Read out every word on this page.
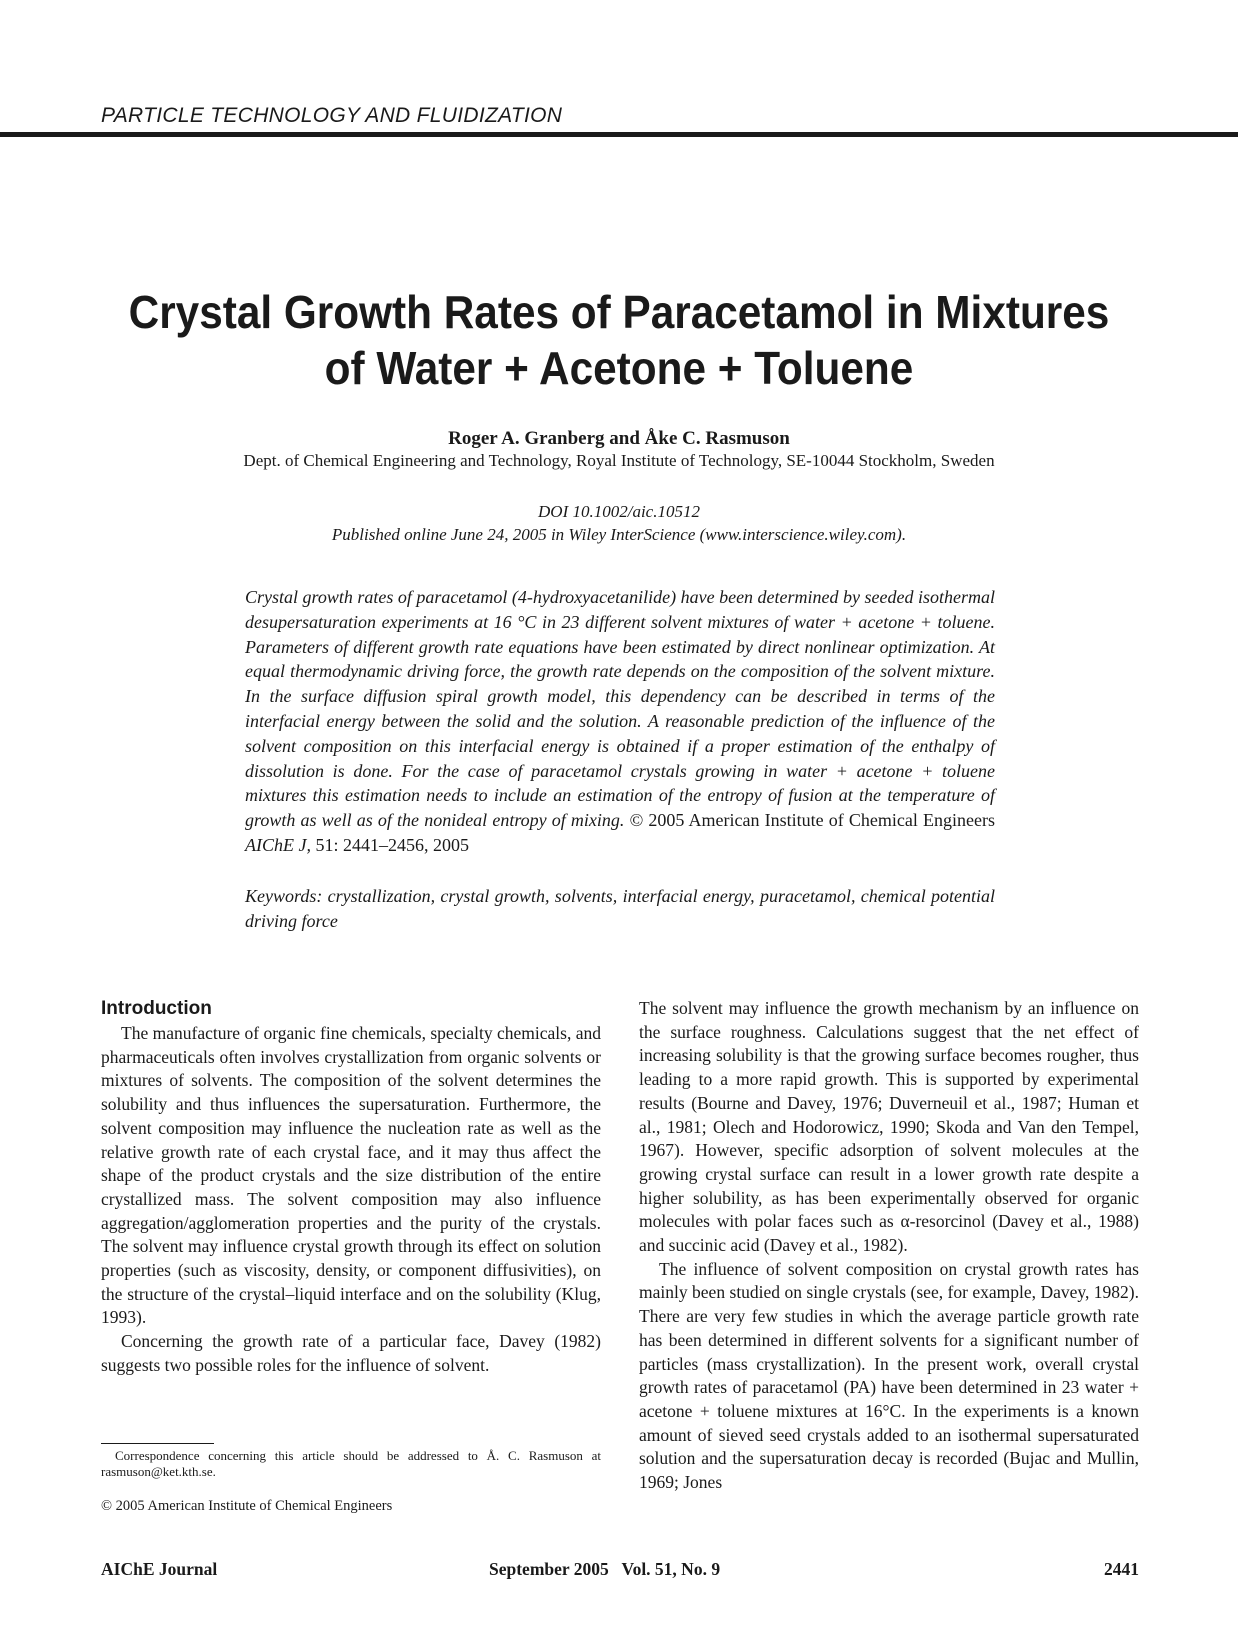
PARTICLE TECHNOLOGY AND FLUIDIZATION
Crystal Growth Rates of Paracetamol in Mixtures
of Water + Acetone + Toluene
Roger A. Granberg and Åke C. Rasmuson
Dept. of Chemical Engineering and Technology, Royal Institute of Technology, SE-10044 Stockholm, Sweden
DOI 10.1002/aic.10512
Published online June 24, 2005 in Wiley InterScience (www.interscience.wiley.com).
Crystal growth rates of paracetamol (4-hydroxyacetanilide) have been determined by seeded isothermal desupersaturation experiments at 16 °C in 23 different solvent mixtures of water + acetone + toluene. Parameters of different growth rate equations have been estimated by direct nonlinear optimization. At equal thermodynamic driving force, the growth rate depends on the composition of the solvent mixture. In the surface diffusion spiral growth model, this dependency can be described in terms of the interfacial energy between the solid and the solution. A reasonable prediction of the influence of the solvent composition on this interfacial energy is obtained if a proper estimation of the enthalpy of dissolution is done. For the case of paracetamol crystals growing in water + acetone + toluene mixtures this estimation needs to include an estimation of the entropy of fusion at the temperature of growth as well as of the nonideal entropy of mixing. © 2005 American Institute of Chemical Engineers AIChE J, 51: 2441–2456, 2005
Keywords: crystallization, crystal growth, solvents, interfacial energy, puracetamol, chemical potential driving force
Introduction

The manufacture of organic fine chemicals, specialty chemicals, and pharmaceuticals often involves crystallization from organic solvents or mixtures of solvents. The composition of the solvent determines the solubility and thus influences the supersaturation. Furthermore, the solvent composition may influence the nucleation rate as well as the relative growth rate of each crystal face, and it may thus affect the shape of the product crystals and the size distribution of the entire crystallized mass. The solvent composition may also influence aggregation/agglomeration properties and the purity of the crystals. The solvent may influence crystal growth through its effect on solution properties (such as viscosity, density, or component diffusivities), on the structure of the crystal–liquid interface and on the solubility (Klug, 1993).

Concerning the growth rate of a particular face, Davey (1982) suggests two possible roles for the influence of solvent.

The solvent may influence the growth mechanism by an influence on the surface roughness. Calculations suggest that the net effect of increasing solubility is that the growing surface becomes rougher, thus leading to a more rapid growth. This is supported by experimental results (Bourne and Davey, 1976; Duverneuil et al., 1987; Human et al., 1981; Olech and Hodorowicz, 1990; Skoda and Van den Tempel, 1967). However, specific adsorption of solvent molecules at the growing crystal surface can result in a lower growth rate despite a higher solubility, as has been experimentally observed for organic molecules with polar faces such as α-resorcinol (Davey et al., 1988) and succinic acid (Davey et al., 1982).

The influence of solvent composition on crystal growth rates has mainly been studied on single crystals (see, for example, Davey, 1982). There are very few studies in which the average particle growth rate has been determined in different solvents for a significant number of particles (mass crystallization). In the present work, overall crystal growth rates of paracetamol (PA) have been determined in 23 water + acetone + toluene mixtures at 16°C. In the experiments is a known amount of sieved seed crystals added to an isothermal supersaturated solution and the supersaturation decay is recorded (Bujac and Mullin, 1969; Jones

Correspondence concerning this article should be addressed to Å. C. Rasmuson at rasmuson@ket.kth.se.
© 2005 American Institute of Chemical Engineers
AIChE Journal	September 2005   Vol. 51, No. 9	2441
